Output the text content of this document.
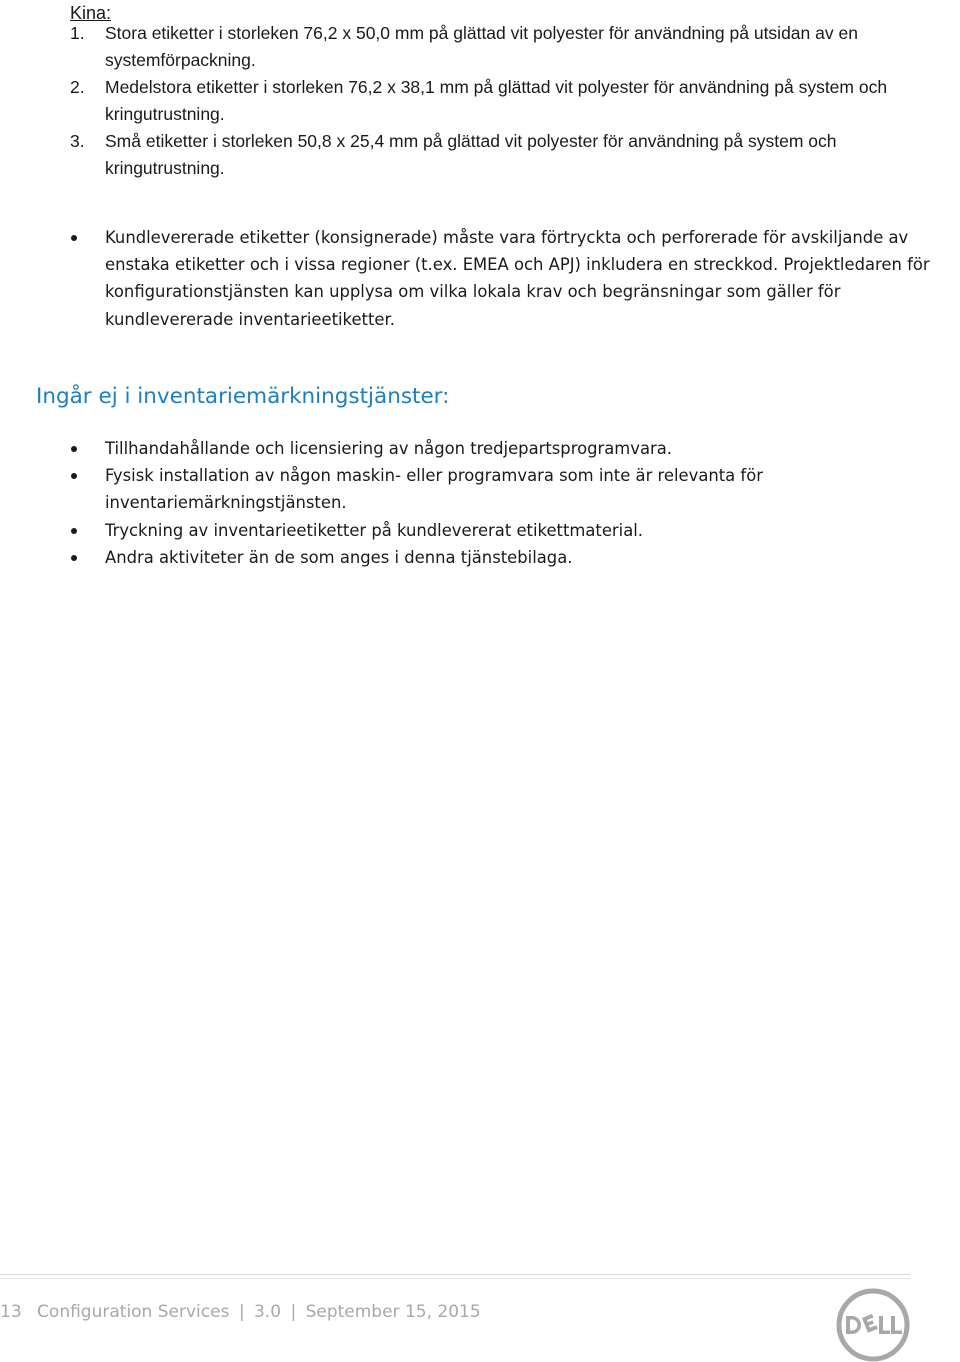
Kina:
1. Stora etiketter i storleken 76,2 x 50,0 mm på glättad vit polyester för användning på utsidan av en systemförpackning.
2. Medelstora etiketter i storleken 76,2 x 38,1 mm på glättad vit polyester för användning på system och kringutrustning.
3. Små etiketter i storleken 50,8 x 25,4 mm på glättad vit polyester för användning på system och kringutrustning.
Kundlevererade etiketter (konsignerade) måste vara förtryckta och perforerade för avskiljande av enstaka etiketter och i vissa regioner (t.ex. EMEA och APJ) inkludera en streckkod. Projektledaren för konfigurationstjänsten kan upplysa om vilka lokala krav och begränsningar som gäller för kundlevererade inventarieetiketter.
Ingår ej i inventariemärkningstjänster:
Tillhandahållande och licensiering av någon tredjepartsprogramvara.
Fysisk installation av någon maskin- eller programvara som inte är relevanta för inventariemärkningstjänsten.
Tryckning av inventarieetiketter på kundlevererat etikettmaterial.
Andra aktiviteter än de som anges i denna tjänstebilaga.
13 Configuration Services | 3.0 | September 15, 2015
